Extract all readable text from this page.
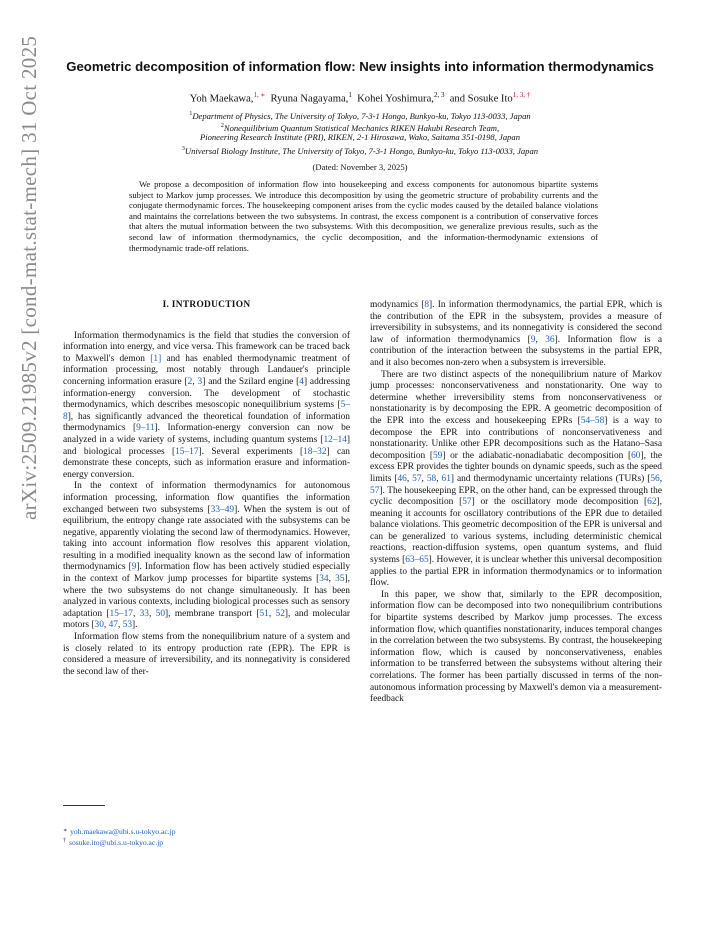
arXiv:2509.21985v2 [cond-mat.stat-mech] 31 Oct 2025	Geometric decomposition of information flow: New insights into information thermodynamics
Yoh Maekawa,$^{1, ∗}$ Ryuna Nagayama,$^1$ Kohei Yoshimura,$^{2, 3}$ and Sosuke Ito$^{1, 3, \dagger}$
$^1$Department of Physics, The University of Tokyo, 7-3-1 Hongo, Bunkyo-ku, Tokyo 113-0033, Japan
$^2$Nonequilibrium Quantum Statistical Mechanics RIKEN Hakubi Research Team,
Pioneering Research Institute (PRI), RIKEN, 2-1 Hirosawa, Wako, Saitama 351-0198, Japan
$^3$Universal Biology Institute, The University of Tokyo, 7-3-1 Hongo, Bunkyo-ku, Tokyo 113-0033, Japan
(Dated: November 3, 2025)
We propose a decomposition of information flow into housekeeping and excess components for autonomous bipartite systems subject to Markov jump processes. We introduce this decomposition by using the geometric structure of probability currents and the conjugate thermodynamic forces. The housekeeping component arises from the cyclic modes caused by the detailed balance violations and maintains the correlations between the two subsystems. In contrast, the excess component is a contribution of conservative forces that alters the mutual information between the two subsystems. With this decomposition, we generalize previous results, such as the second law of information thermodynamics, the cyclic decomposition, and the information-thermodynamic extensions of thermodynamic trade-off relations.
I. INTRODUCTION

Information thermodynamics is the field that studies the conversion of information into energy, and vice versa. This framework can be traced back to Maxwell's demon [1] and has enabled thermodynamic treatment of information processing, most notably through Landauer's principle concerning information erasure [2, 3] and the Szilard engine [4] addressing information-energy conversion. The development of stochastic thermodynamics, which describes mesoscopic nonequilibrium systems [5–8], has significantly advanced the theoretical foundation of information thermodynamics [9–11]. Information-energy conversion can now be analyzed in a wide variety of systems, including quantum systems [12–14] and biological processes [15–17]. Several experiments [18–32] can demonstrate these concepts, such as information erasure and information-energy conversion.

In the context of information thermodynamics for autonomous information processing, information flow quantifies the information exchanged between two subsystems [33–49]. When the system is out of equilibrium, the entropy change rate associated with the subsystems can be negative, apparently violating the second law of thermodynamics. However, taking into account information flow resolves this apparent violation, resulting in a modified inequality known as the second law of information thermodynamics [9]. Information flow has been actively studied especially in the context of Markov jump processes for bipartite systems [34, 35], where the two subsystems do not change simultaneously. It has been analyzed in various contexts, including biological processes such as sensory adaptation [15–17, 33, 50], membrane transport [51, 52], and molecular motors [30, 47, 53].

Information flow stems from the nonequilibrium nature of a system and is closely related to its entropy production rate (EPR). The EPR is considered a measure of irreversibility, and its nonnegativity is considered the second law of ther-

modynamics [8]. In information thermodynamics, the partial EPR, which is the contribution of the EPR in the subsystem, provides a measure of irreversibility in subsystems, and its nonnegativity is considered the second law of information thermodynamics [9, 36]. Information flow is a contribution of the interaction between the subsystems in the partial EPR, and it also becomes non-zero when a subsystem is irreversible.

There are two distinct aspects of the nonequilibrium nature of Markov jump processes: nonconservativeness and nonstationarity. One way to determine whether irreversibility stems from nonconservativeness or nonstationarity is by decomposing the EPR. A geometric decomposition of the EPR into the excess and housekeeping EPRs [54–58] is a way to decompose the EPR into contributions of nonconservativeness and nonstationarity. Unlike other EPR decompositions such as the Hatano–Sasa decomposition [59] or the adiabatic-nonadiabatic decomposition [60], the excess EPR provides the tighter bounds on dynamic speeds, such as the speed limits [46, 57, 58, 61] and thermodynamic uncertainty relations (TURs) [56, 57]. The housekeeping EPR, on the other hand, can be expressed through the cyclic decomposition [57] or the oscillatory mode decomposition [62], meaning it accounts for oscillatory contributions of the EPR due to detailed balance violations. This geometric decomposition of the EPR is universal and can be generalized to various systems, including deterministic chemical reactions, reaction-diffusion systems, open quantum systems, and fluid systems [63–65]. However, it is unclear whether this universal decomposition applies to the partial EPR in information thermodynamics or to information flow.

In this paper, we show that, similarly to the EPR decomposition, information flow can be decomposed into two nonequilibrium contributions for bipartite systems described by Markov jump processes. The excess information flow, which quantifies nonstationarity, induces temporal changes in the correlation between the two subsystems. By contrast, the housekeeping information flow, which is caused by nonconservativeness, enables information to be transferred between the subsystems without altering their correlations. The former has been partially discussed in terms of the non-autonomous information processing by Maxwell's demon via a measurement-feedback

∗ yoh.maekawa@ubi.s.u-tokyo.ac.jp
† sosuke.ito@ubi.s.u-tokyo.ac.jp
